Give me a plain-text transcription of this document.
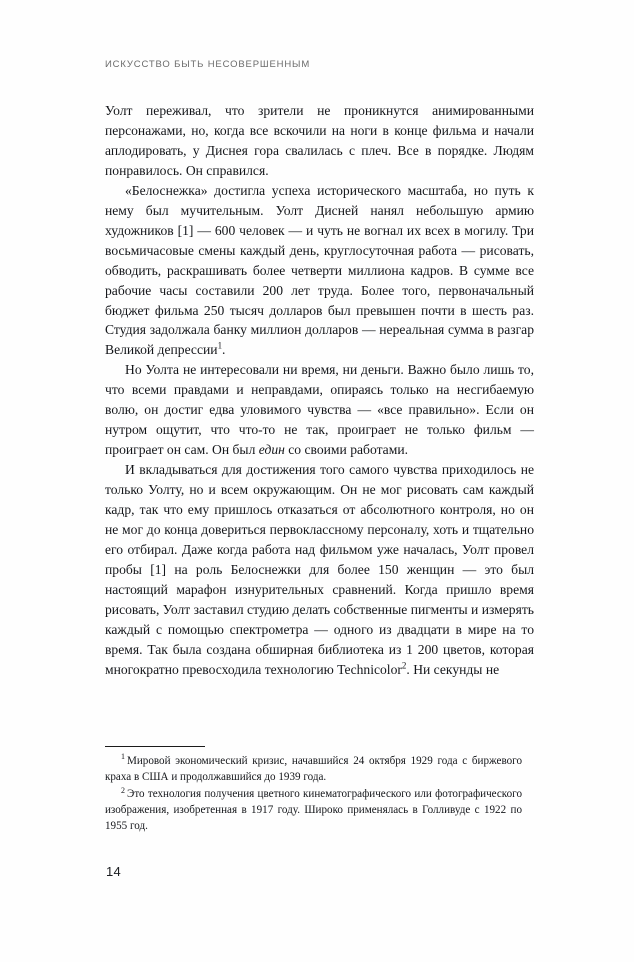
ИСКУССТВО БЫТЬ НЕСОВЕРШЕННЫМ

Уолт переживал, что зрители не проникнутся анимированными персонажами, но, когда все вскочили на ноги в конце фильма и начали аплодировать, у Диснея гора свалилась с плеч. Все в порядке. Людям понравилось. Он справился.

«Белоснежка» достигла успеха исторического масштаба, но путь к нему был мучительным. Уолт Дисней нанял небольшую армию художников [1] — 600 человек — и чуть не вогнал их всех в могилу. Три восьмичасовые смены каждый день, круглосуточная работа — рисовать, обводить, раскрашивать более четверти миллиона кадров. В сумме все рабочие часы составили 200 лет труда. Более того, первоначальный бюджет фильма 250 тысяч долларов был превышен почти в шесть раз. Студия задолжала банку миллион долларов — нереальная сумма в разгар Великой депрессии$^1$.

Но Уолта не интересовали ни время, ни деньги. Важно было лишь то, что всеми правдами и неправдами, опираясь только на несгибаемую волю, он достиг едва уловимого чувства — «все правильно». Если он нутром ощутит, что что-то не так, проиграет не только фильм — проиграет он сам. Он был един со своими работами.

И вкладываться для достижения того самого чувства приходилось не только Уолту, но и всем окружающим. Он не мог рисовать сам каждый кадр, так что ему пришлось отказаться от абсолютного контроля, но он не мог до конца довериться первоклассному персоналу, хоть и тщательно его отбирал. Даже когда работа над фильмом уже началась, Уолт провел пробы [1] на роль Белоснежки для более 150 женщин — это был настоящий марафон изнурительных сравнений. Когда пришло время рисовать, Уолт заставил студию делать собственные пигменты и измерять каждый с помощью спектрометра — одного из двадцати в мире на то время. Так была создана обширная библиотека из 1 200 цветов, которая многократно превосходила технологию Technicolor$^2$. Ни секунды не

$^1$ Мировой экономический кризис, начавшийся 24 октября 1929 года с биржевого краха в США и продолжавшийся до 1939 года.

$^2$ Это технология получения цветного кинематографического или фотографического изображения, изобретенная в 1917 году. Широко применялась в Голливуде с 1922 по 1955 год.

14
